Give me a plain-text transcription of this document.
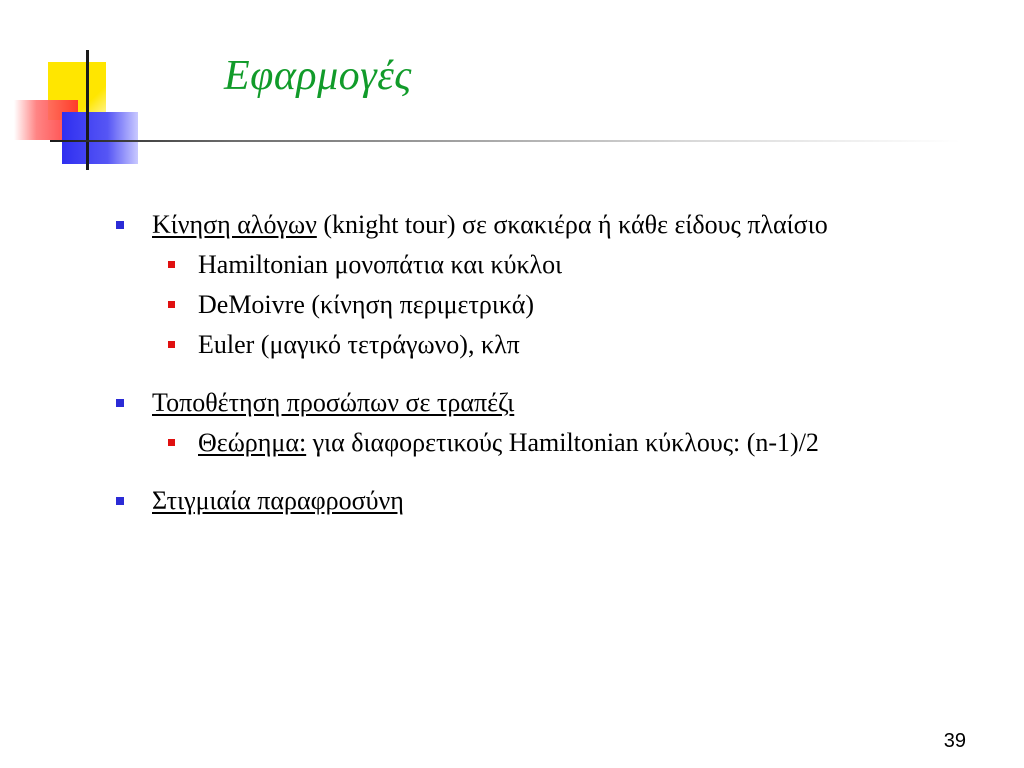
Εφαρμογές
Κίνηση αλόγων (knight tour) σε σκακιέρα ή κάθε είδους πλαίσιο
Hamiltonian μονοπάτια και κύκλοι
DeMoivre (κίνηση περιμετρικά)
Euler (μαγικό τετράγωνο), κλπ
Τοποθέτηση προσώπων σε τραπέζι
Θεώρημα: για διαφορετικούς Hamiltonian κύκλους: (n-1)/2
Στιγμιαία παραφροσύνη
39
